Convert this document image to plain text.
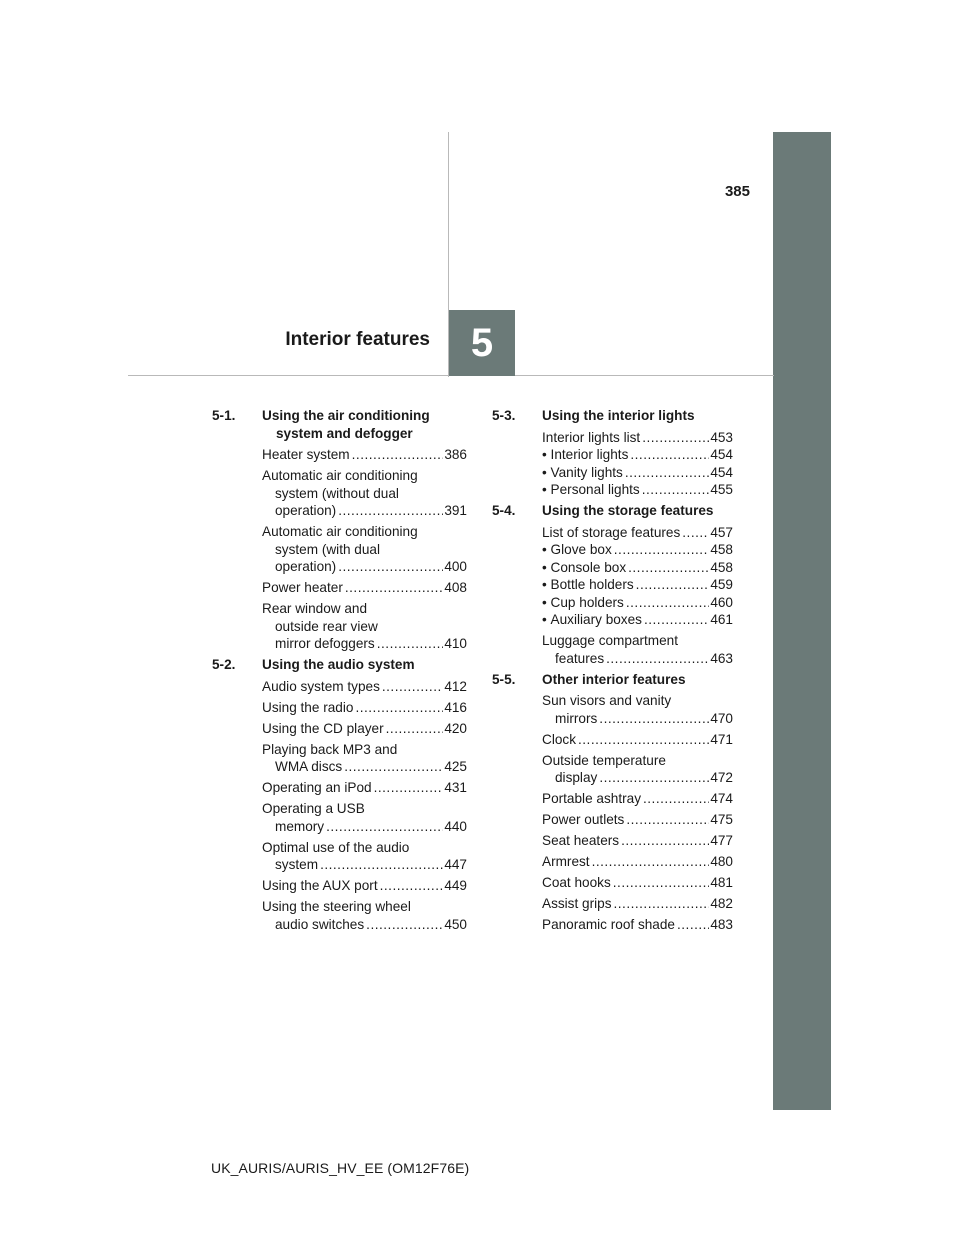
385
Interior features 5
5-1.	Using the air conditioning
system and defogger
Heater system .....	386
Automatic air conditioning
system (without dual
operation) .....	391
Automatic air conditioning
system (with dual
operation) .....	400
Power heater .....	408
Rear window and
outside rear view
mirror defoggers .....	410
5-2.	Using the audio system
Audio system types .....	412
Using the radio .....	416
Using the CD player .....	420
Playing back MP3 and
WMA discs .....	425
Operating an iPod .....	431
Operating a USB
memory .....	440
Optimal use of the audio
system .....	447
Using the AUX port .....	449
Using the steering wheel
audio switches .....	450
5-3.	Using the interior lights
Interior lights list .....	453
• Interior lights .....	454
• Vanity lights .....	454
• Personal lights .....	455
5-4.	Using the storage features
List of storage features ..... 457
• Glove box .....	458
• Console box .....	458
• Bottle holders .....	459
• Cup holders .....	460
• Auxiliary boxes .....	461
Luggage compartment
features .....	463
5-5.	Other interior features
Sun visors and vanity
mirrors .....	470
Clock .....	471
Outside temperature
display .....	472
Portable ashtray .....	474
Power outlets .....	475
Seat heaters .....	477
Armrest .....	480
Coat hooks .....	481
Assist grips .....	482
Panoramic roof shade .....	483
UK_AURIS/AURIS_HV_EE (OM12F76E)
